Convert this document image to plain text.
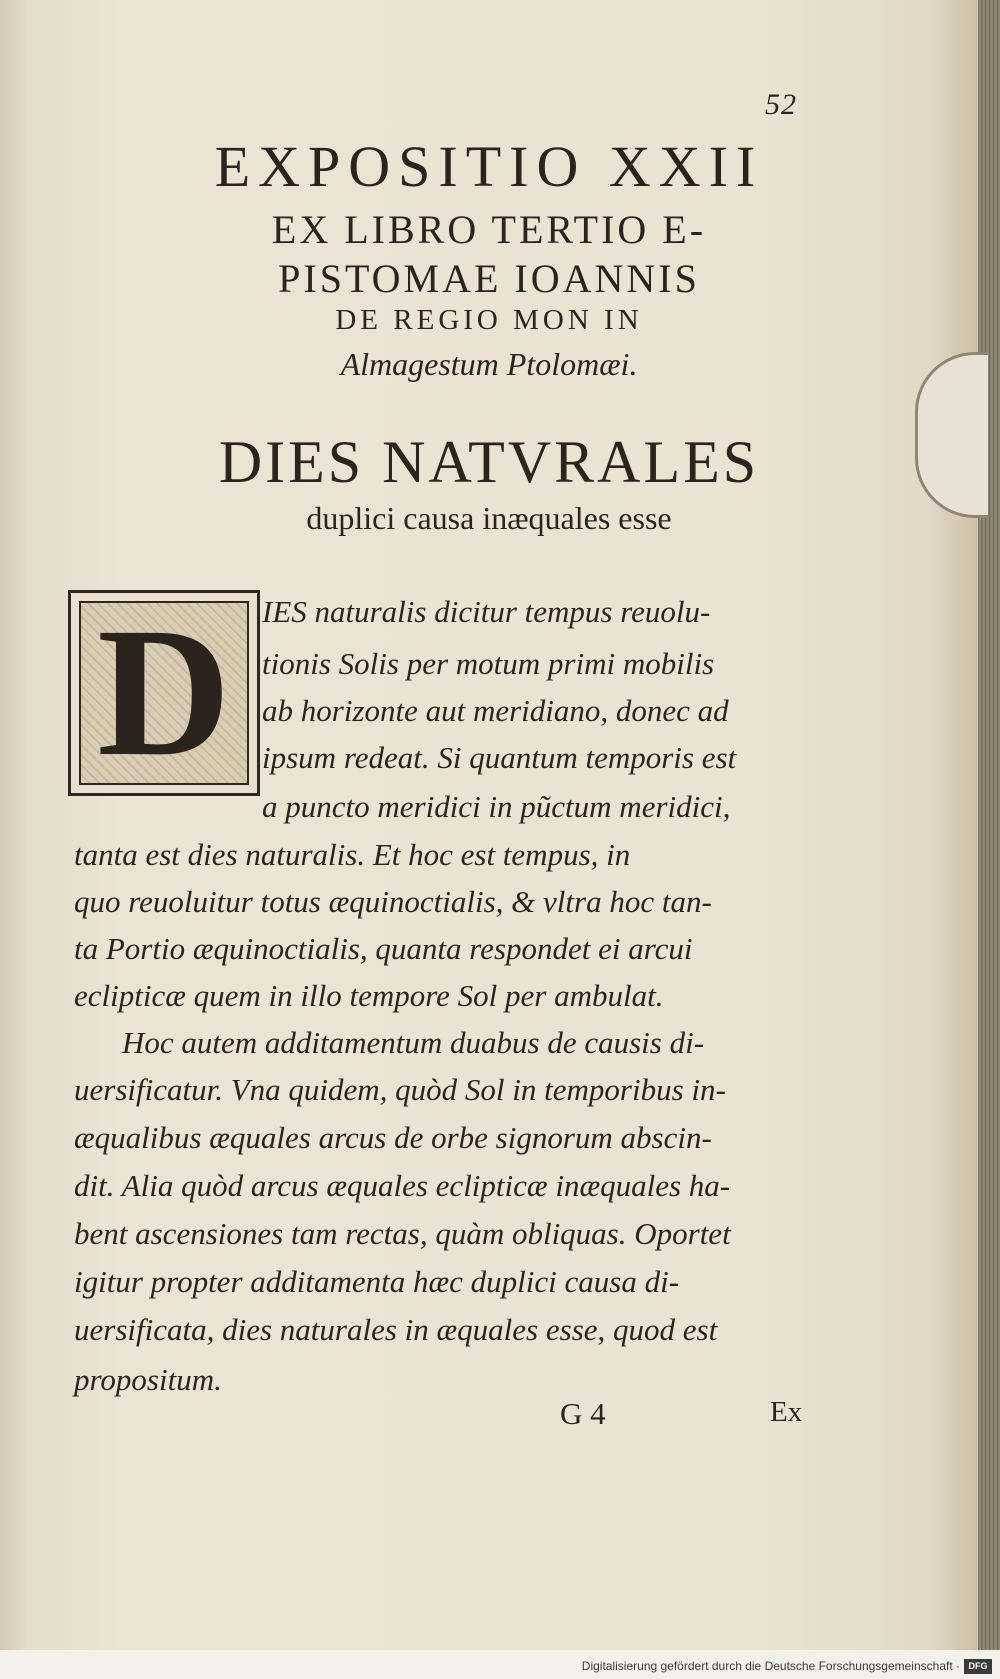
52
EXPOSITIO XXII
EX LIBRO TERTIO E-
PISTOMAE IOANNIS
DE REGIO MON IN
Almagestum Ptolomæi.
DIES NATVRALES
duplici causa inæquales esse
D	IES naturalis dicitur tempus reuolu-
tionis Solis per motum primi mobilis
ab horizonte aut meridiano, donec ad
ipsum redeat. Si quantum temporis est
a puncto meridici in pũctum meridici,
tanta est dies naturalis. Et hoc est tempus, in
quo reuoluitur totus æquinoctialis, & vltra hoc tan-
ta Portio æquinoctialis, quanta respondet ei arcui
eclipticæ quem in illo tempore Sol per ambulat.
Hoc autem additamentum duabus de causis di-
uersificatur. Vna quidem, quòd Sol in temporibus in-
æqualibus æquales arcus de orbe signorum abscin-
dit. Alia quòd arcus æquales eclipticæ inæquales ha-
bent ascensiones tam rectas, quàm obliquas. Oportet
igitur propter additamenta hæc duplici causa di-
uersificata, dies naturales in æquales esse, quod est
propositum.
G 4	Ex
Digitalisierung gefördert durch die Deutsche Forschungsgemeinschaft · DFG
